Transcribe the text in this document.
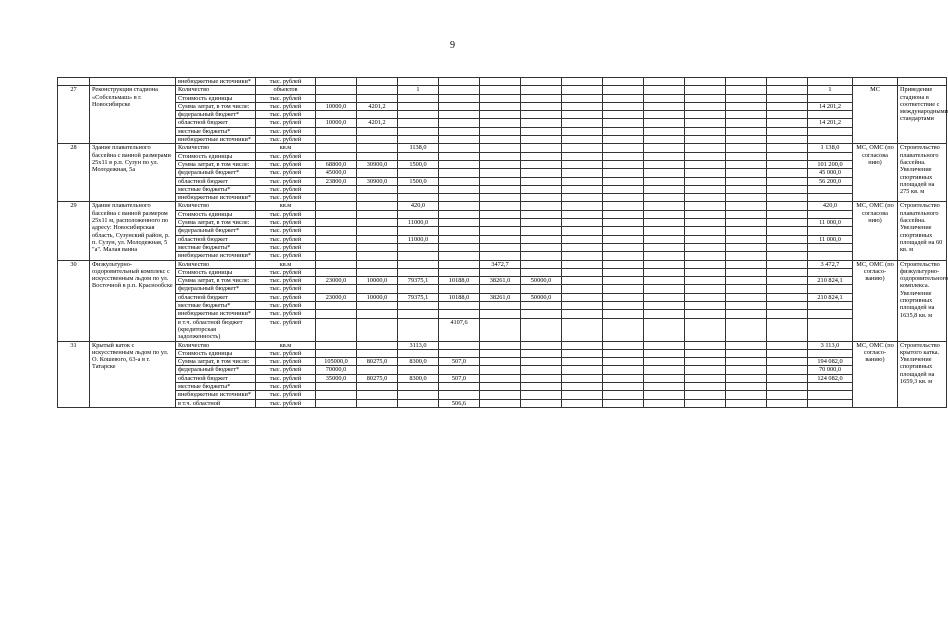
9
		внебюджетные источники*	тыс. рублей															
27	Реконструкция стадиона «Собсельмаш» в г. Новосибирске	Количество	объектов			1										1	МС	Приведение стадиона в соответствие с международными стандартами
		Стоимость единицы	тыс. рублей															
		Сумма затрат, в том числе:	тыс. рублей	10000,0	4201,2											14 201,2		
		федеральный бюджет*	тыс. рублей															
		областной бюджет	тыс. рублей	10000,0	4201,2											14 201,2		
		местные бюджеты*	тыс. рублей															
		внебюджетные источники*	тыс. рублей															
28	Здание плавательного бассейна с ванной размерами 25x11 в р.п. Сузун по ул. Молодежная, 5а	Количество	кв.м			1138,0										1 138,0	МС, ОМС (по согласова нию)	Строительство плавательного бассейна. Увеличение спортивных площадей на 275 кв. м
		Стоимость единицы	тыс. рублей															
		Сумма затрат, в том числе:	тыс. рублей	68800,0	30900,0	1500,0										101 200,0		
		федеральный бюджет*	тыс. рублей	45000,0												45 000,0		
		областной бюджет	тыс. рублей	23800,0	30900,0	1500,0										56 200,0		
		местные бюджеты*	тыс. рублей															
		внебюджетные источники*	тыс. рублей															
29	Здание плавательного бассейна с ванной размером 25x11 м, расположенного по адресу: Новосибирская область, Сузунский район, р. п. Сузун, ул. Молодежная, 5 "а". Малая ванна	Количество	кв.м			420,0										420,0	МС, ОМС (по согласова нию)	Строительство плавательного бассейна. Увеличение спортивных площадей на 60 кв. м
		Стоимость единицы	тыс. рублей															
		Сумма затрат, в том числе:	тыс. рублей			11000,0										11 000,0		
		федеральный бюджет*	тыс. рублей															
		областной бюджет	тыс. рублей			11000,0										11 000,0		
		местные бюджеты*	тыс. рублей															
		внебюджетные источники*	тыс. рублей															
30	Физкультурно-оздоровительный комплекс с искусственным льдом по ул. Восточной в р.п. Краснообске	Количество	кв.м					3472,7								3 472,7	МС, ОМС (по согласо-ванию)	Строительство физкультурно-оздоровительного комплекса. Увеличение спортивных площадей на 1635,8 кв. м
		Стоимость единицы	тыс. рублей															
		Сумма затрат, в том числе:	тыс. рублей	23000,0	10000,0	79375,1	10188,0	38261,0	50000,0							210 824,1		
		федеральный бюджет*	тыс. рублей															
		областной бюджет	тыс. рублей	23000,0	10000,0	79375,1	10188,0	38261,0	50000,0							210 824,1		
		местные бюджеты*	тыс. рублей															
		внебюджетные источники*	тыс. рублей															
		в т.ч. областной бюджет (кредиторская задолженность)	тыс. рублей				4107,6											
31	Крытый каток с искусственным льдом по ул. О. Кошевого, 63-а в г. Татарске	Количество	кв.м			3113,0										3 113,0	МС, ОМС (по согласо-ванию)	Строительство крытого катка. Увеличение спортивных площадей на 1659,3 кв. м
		Стоимость единицы	тыс. рублей															
		Сумма затрат, в том числе:	тыс. рублей	105000,0	80275,0	8300,0	507,0									194 082,0		
		федеральный бюджет*	тыс. рублей	70000,0												70 000,0		
		областной бюджет	тыс. рублей	35000,0	80275,0	8300,0	507,0									124 082,0		
		местные бюджеты*	тыс. рублей															
		внебюджетные источники*	тыс. рублей															
		в т.ч. областной	тыс. рублей				506,6											
